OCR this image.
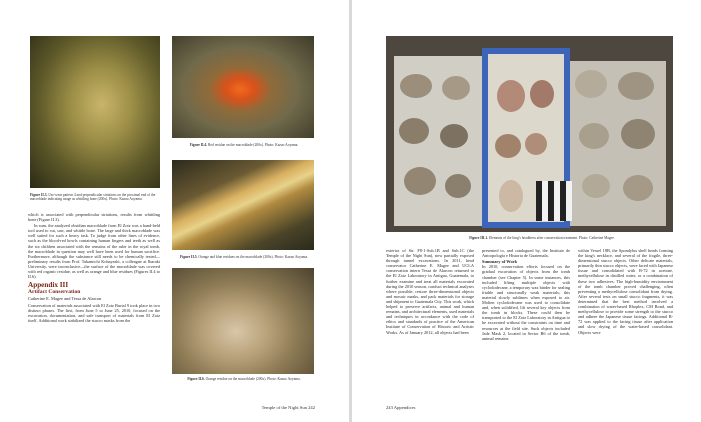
Figure II.3. Use-wear pattern 4 and perpendicular striations on the proximal end of the macroblade indicating usage as whittling bone (200x). Photo: Kazuo Aoyama.
Figure II.4. Red residue on the macroblade (200x). Photo: Kazuo Aoyama.
Figure II.5. Orange and blue residues on the macroblade (200x). Photo: Kazuo Aoyama.
Figure II.6. Orange residue on the macroblade (200x). Photo: Kazuo Aoyama.

which is associated with perpendicular striations, results from whittling bone (Figure II.3).

In sum, the analyzed obsidian macroblade from El Zotz was a hand-held tool used to cut, saw, and whittle bone. The large and thick macroblade was well suited for such a heavy task. To judge from other lines of evidence, such as the blood-red bowls containing human fingers and teeth as well as the six children associated with the remains of the ruler in the royal tomb, the macroblade in question may well have been used for human sacrifice. Furthermore, although the substance still needs to be chemically tested—preliminary results from Prof. Takamichi Kobayashi, a colleague at Ibaraki University, were inconclusive—the surface of the macroblade was covered with red organic residue, as well as orange and blue residues (Figures II.4 to II.6).

Appendix III
Artifact Conservation
Catherine E. Magee and Tessa de Alarcon

Conservation of materials associated with El Zotz Burial 9 took place in two distinct phases. The first, from June 5 to June 25, 2010, focused on the excavation, documentation, and safe transport of materials from El Zotz itself. Additional work stabilized the stucco masks from the

Temple of the Night Sun 242
Figure III.1. Elements of the king's headdress after conservation treatment. Photo: Catherine Magee.

exterior of Str. F8-1-Sub.1B and Sub.1C (the Temple of the Night Sun), now partially exposed through tunnel excavations. In 2011, head conservator Catherine E. Magee and UCLA conservation intern Tessa de Alarcon returned to the El Zotz Laboratory in Antigua, Guatemala, to further examine and treat all materials excavated during the 2010 season, conduct technical analyses where possible, restore three-dimensional objects and mosaic masks, and pack materials for storage and shipment to Guatemala City. This work, which helped to preserve artifacts, animal and human remains, and architectural elements, used materials and techniques in accordance with the code of ethics and standards of practice of the American Institute of Conservation of Historic and Artistic Works. As of January 2012, all objects had been

presented to, and catalogued by, the Instituto de Antropología e Historia de Guatemala.

Summary of Work

In 2010, conservation efforts focused on the gradual excavation of objects from the tomb chamber (see Chapter 5). In some instances, this included lifting multiple objects with cyclododecane, a temporary wax binder for sealing friable and structurally weak materials; this material slowly sublimes when exposed to air. Molten cyclododecane was used to consolidate and, when solidified, lift several key objects from the tomb in blocks. These could then be transported to the El Zotz Laboratory in Antigua to be excavated without the constraints on time and resources at the field site. Such objects included Jade Mask 2, located in Sector B6 of the tomb, animal remains

within Vessel 18B, the Spondylus shell beads forming the king's necklace, and several of the fragile, three-dimensional stucco objects. Other delicate materials, primarily thin stucco objects, were faced with Japanese tissue and consolidated with B-72 in acetone, methycellulose in distilled water, or a combination of these two adhesives. The high-humidity environment of the tomb chamber proved challenging, often preventing a methycellulose consolidant from drying. After several tests on small stucco fragments, it was determined that the best method involved a combination of water-based Rhoplex, CM Bond, and methycellulose to provide some strength to the stucco and adhere the Japanese tissue facings. Additional B-72 was applied to the facing tissue after application and slow drying of the water-based consolidant. Objects were

243 Appendices
